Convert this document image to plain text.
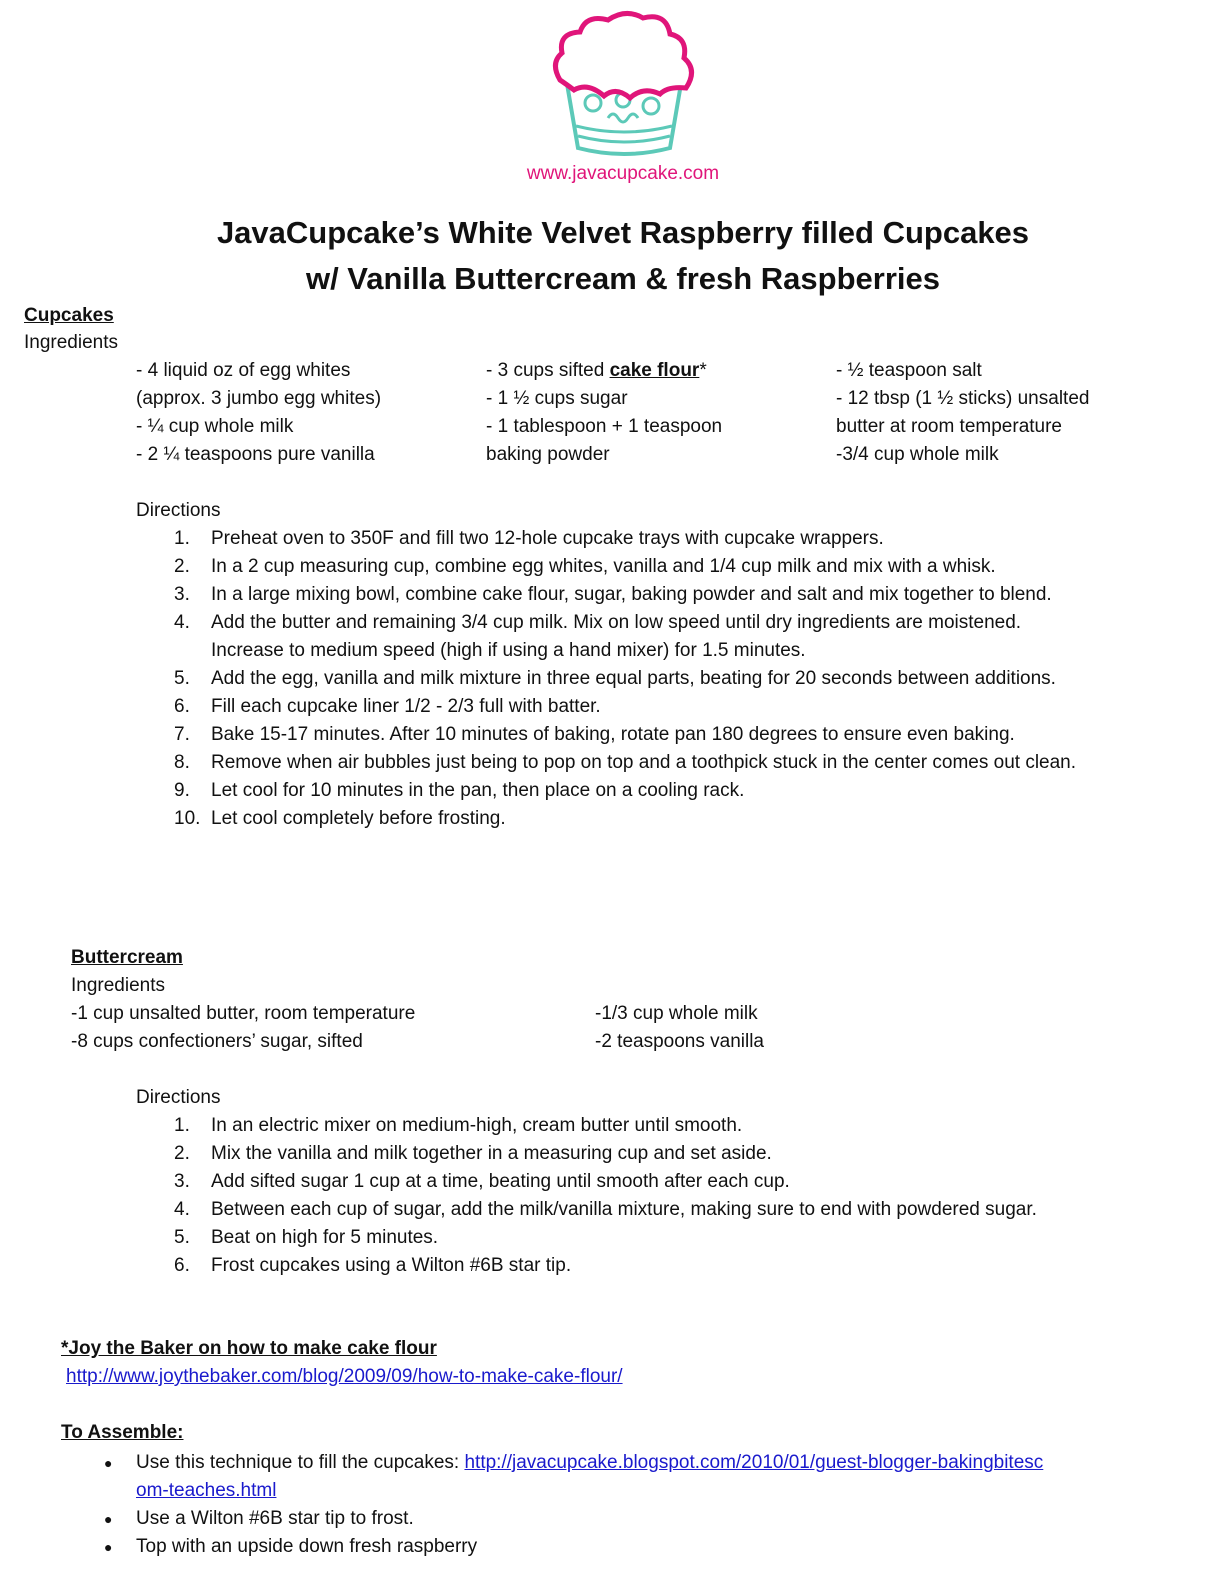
www.javacupcake.com
JavaCupcake’s White Velvet Raspberry filled Cupcakes
w/ Vanilla Buttercream & fresh Raspberries
Cupcakes
Ingredients
- 4 liquid oz of egg whites
(approx. 3 jumbo egg whites)
- ¼ cup whole milk
- 2 ¼ teaspoons pure vanilla
- 3 cups sifted cake flour*
- 1 ½ cups sugar
- 1 tablespoon + 1 teaspoon
baking powder
- ½ teaspoon salt
- 12 tbsp (1 ½ sticks) unsalted
butter at room temperature
-3/4 cup whole milk
Directions
1. Preheat oven to 350F and fill two 12-hole cupcake trays with cupcake wrappers.
2. In a 2 cup measuring cup, combine egg whites, vanilla and 1/4 cup milk and mix with a whisk.
3. In a large mixing bowl, combine cake flour, sugar, baking powder and salt and mix together to blend.
4. Add the butter and remaining 3/4 cup milk. Mix on low speed until dry ingredients are moistened. Increase to medium speed (high if using a hand mixer) for 1.5 minutes.
5. Add the egg, vanilla and milk mixture in three equal parts, beating for 20 seconds between additions.
6. Fill each cupcake liner 1/2 - 2/3 full with batter.
7. Bake 15-17 minutes. After 10 minutes of baking, rotate pan 180 degrees to ensure even baking.
8. Remove when air bubbles just being to pop on top and a toothpick stuck in the center comes out clean.
9. Let cool for 10 minutes in the pan, then place on a cooling rack.
10. Let cool completely before frosting.
Buttercream
Ingredients
-1 cup unsalted butter, room temperature
-8 cups confectioners’ sugar, sifted
-1/3 cup whole milk
-2 teaspoons vanilla
Directions
1. In an electric mixer on medium-high, cream butter until smooth.
2. Mix the vanilla and milk together in a measuring cup and set aside.
3. Add sifted sugar 1 cup at a time, beating until smooth after each cup.
4. Between each cup of sugar, add the milk/vanilla mixture, making sure to end with powdered sugar.
5. Beat on high for 5 minutes.
6. Frost cupcakes using a Wilton #6B star tip.
*Joy the Baker on how to make cake flour
http://www.joythebaker.com/blog/2009/09/how-to-make-cake-flour/
To Assemble:
● Use this technique to fill the cupcakes: http://javacupcake.blogspot.com/2010/01/guest-blogger-bakingbitescom-teaches.html
● Use a Wilton #6B star tip to frost.
● Top with an upside down fresh raspberry
